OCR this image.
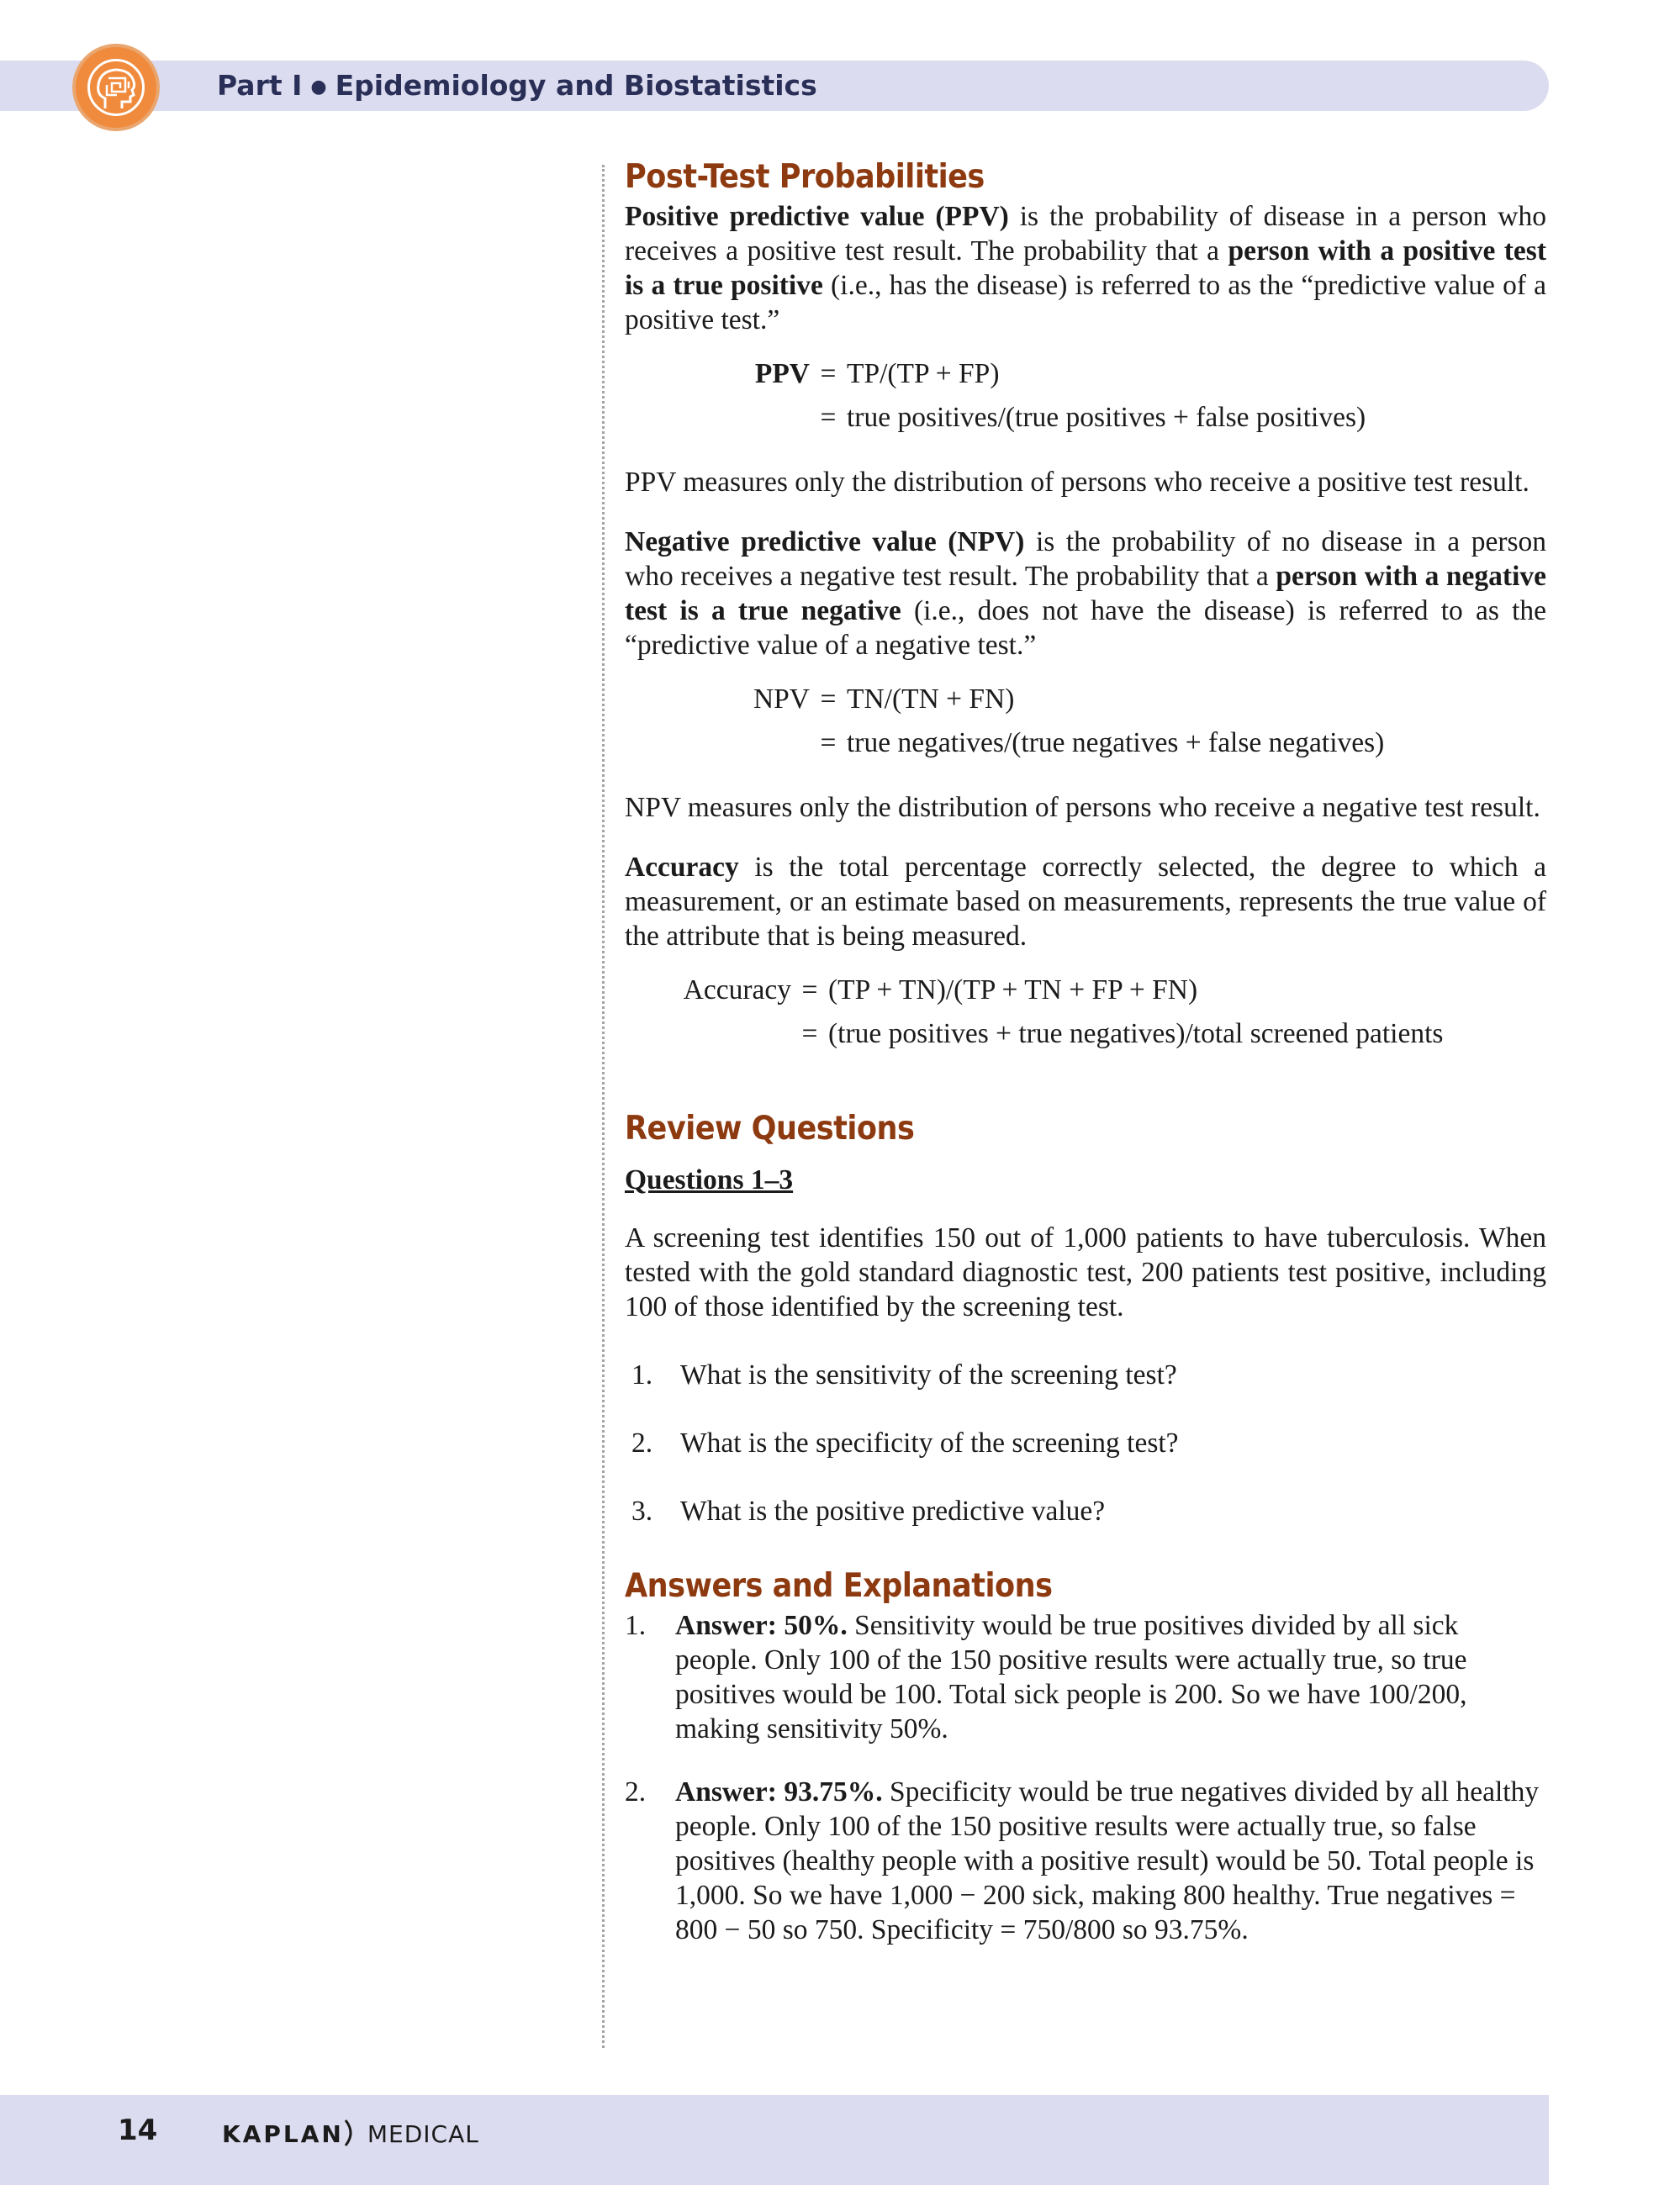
Part I ● Epidemiology and Biostatistics
Post-Test Probabilities

Positive predictive value (PPV) is the probability of disease in a person who receives a positive test result. The probability that a person with a positive test is a true positive (i.e., has the disease) is referred to as the “predictive value of a positive test.”

PPV = TP/(TP + FP)
= true positives/(true positives + false positives)

PPV measures only the distribution of persons who receive a positive test result.

Negative predictive value (NPV) is the probability of no disease in a person who receives a negative test result. The probability that a person with a negative test is a true negative (i.e., does not have the disease) is referred to as the “predictive value of a negative test.”

NPV = TN/(TN + FN)
= true negatives/(true negatives + false negatives)

NPV measures only the distribution of persons who receive a negative test result.

Accuracy is the total percentage correctly selected, the degree to which a measurement, or an estimate based on measurements, represents the true value of the attribute that is being measured.

Accuracy = (TP + TN)/(TP + TN + FP + FN)
= (true positives + true negatives)/total screened patients
Review Questions

Questions 1–3

A screening test identifies 150 out of 1,000 patients to have tuberculosis. When tested with the gold standard diagnostic test, 200 patients test positive, including 100 of those identified by the screening test.

1. What is the sensitivity of the screening test?
2. What is the specificity of the screening test?
3. What is the positive predictive value?
Answers and Explanations
1.	Answer: 50%. Sensitivity would be true positives divided by all sick people. Only 100 of the 150 positive results were actually true, so true positives would be 100. Total sick people is 200. So we have 100/200, making sensitivity 50%.
2.	Answer: 93.75%. Specificity would be true negatives divided by all healthy people. Only 100 of the 150 positive results were actually true, so false positives (healthy people with a positive result) would be 50. Total people is 1,000. So we have 1,000 − 200 sick, making 800 healthy. True negatives = 800 − 50 so 750. Specificity = 750/800 so 93.75%.
14	KAPLAN MEDICAL
